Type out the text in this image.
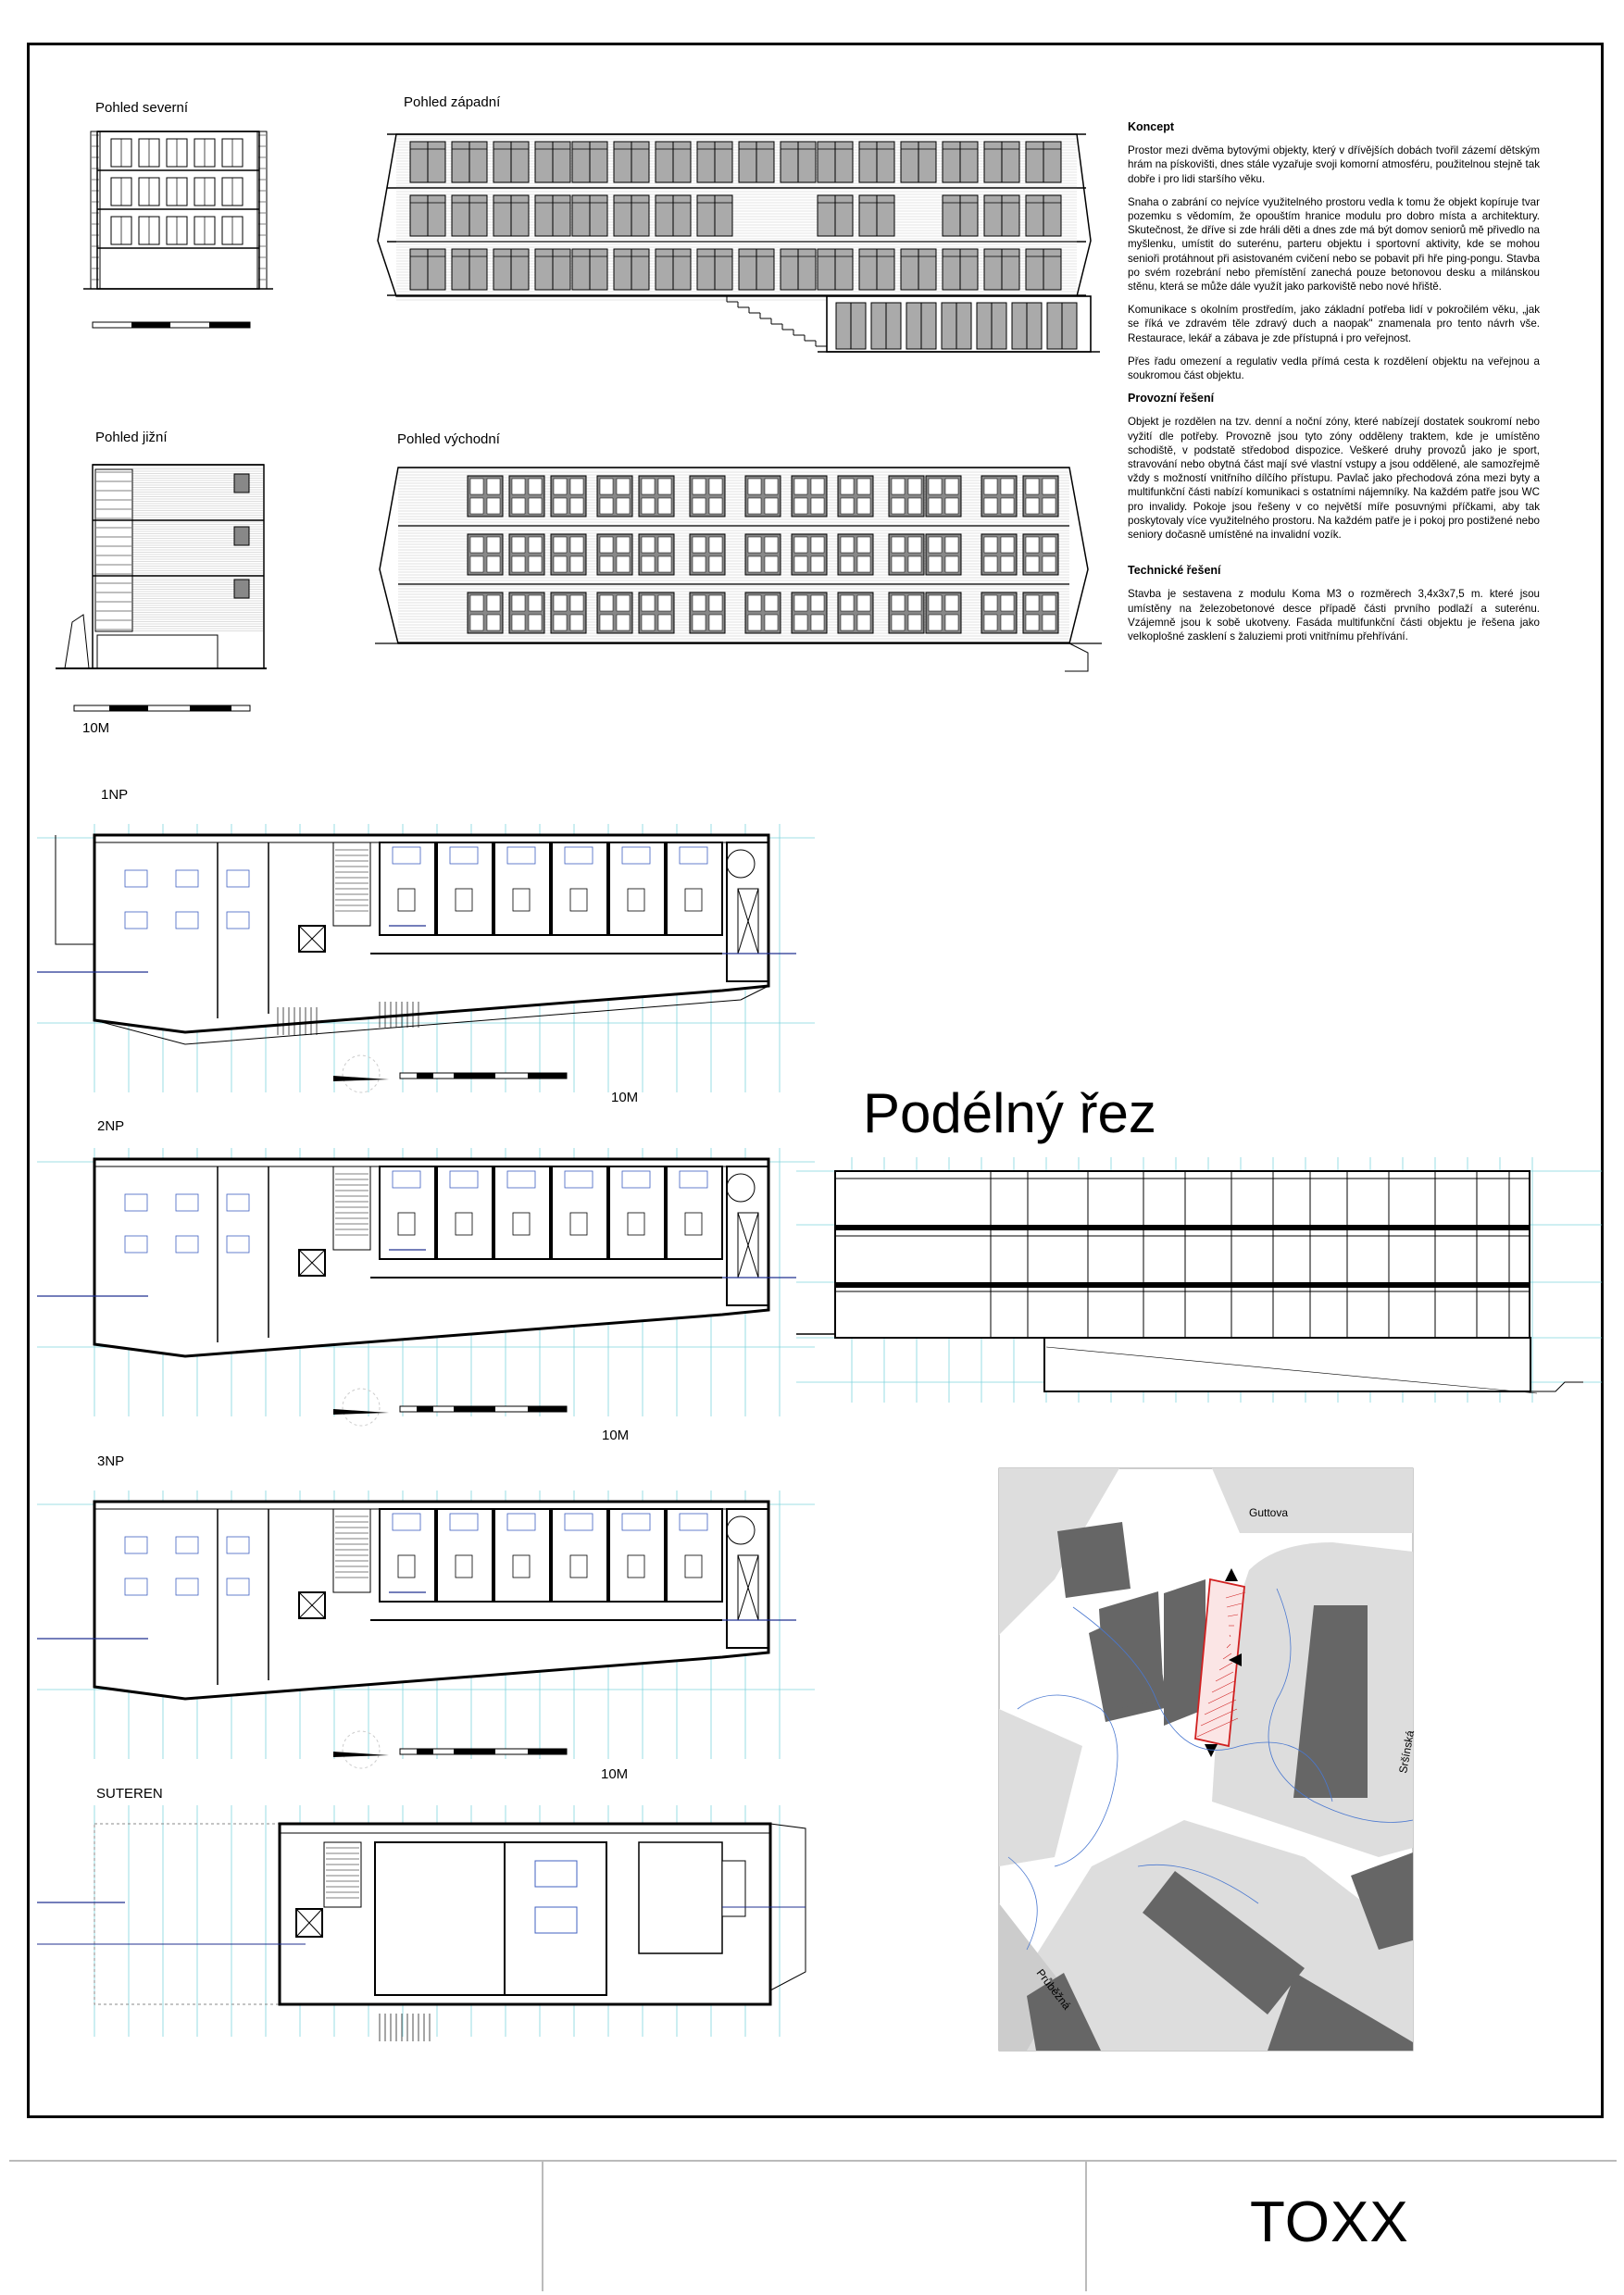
Pohled severní	Pohled západní
Pohled jižní	Pohled východní
10M
Koncept

Prostor mezi dvěma bytovými objekty, který v dřívějších dobách tvořil zázemí dětským hrám na pískovišti, dnes stále vyzařuje svoji komorní atmosféru, použitelnou stejně tak dobře i pro lidi staršího věku.

Snaha o zabrání co nejvíce využitelného prostoru vedla k tomu že objekt kopíruje tvar pozemku s vědomím, že opouštím hranice modulu pro dobro místa a architektury. Skutečnost, že dříve si zde hráli děti a dnes zde má být domov seniorů mě přivedlo na myšlenku, umístit do suterénu, parteru objektu i sportovní aktivity, kde se mohou senioři protáhnout při asistovaném cvičení nebo se pobavit při hře ping-pongu. Stavba po svém rozebrání nebo přemístění zanechá pouze betonovou desku a milánskou stěnu, která se může dále využít jako parkoviště nebo nové hřiště.

Komunikace s okolním prostředím, jako základní potřeba lidí v pokročilém věku, „jak se říká ve zdravém těle zdravý duch a naopak" znamenala pro tento návrh vše. Restaurace, lekář a zábava je zde přístupná i pro veřejnost.

Přes řadu omezení a regulativ vedla přímá cesta k rozdělení objektu na veřejnou a soukromou část objektu.

Provozní řešení

Objekt je rozdělen na tzv. denní a noční zóny, které nabízejí dostatek soukromí nebo vyžití dle potřeby. Provozně jsou tyto zóny odděleny traktem, kde je umístěno schodiště, v podstatě středobod dispozice. Veškeré druhy provozů jako je sport, stravování nebo obytná část mají své vlastní vstupy a jsou oddělené, ale samozřejmě vždy s možností vnitřního dílčího přístupu. Pavlač jako přechodová zóna mezi byty a multifunkční části nabízí komunikaci s ostatními nájemníky. Na každém patře jsou WC pro invalidy. Pokoje jsou řešeny v co největší míře posuvnými příčkami, aby tak poskytovaly více využitelného prostoru. Na každém patře je i pokoj pro postižené nebo seniory dočasně umístěné na invalidní vozík.

Technické řešení

Stavba je sestavena z modulu Koma M3 o rozměrech 3,4x3x7,5 m. které jsou umístěny na železobetonové desce případě části prvního podlaží a suterénu. Vzájemně jsou k sobě ukotveny. Fasáda multifunkční části objektu je řešena jako velkoplošné zasklení s žaluziemi proti vnitřnímu přehřívání.

1NP
10M
2NP
10M
3NP
10M
SUTEREN
Podélný řez
Guttova
Sršínská
Průběžná
TOXX
